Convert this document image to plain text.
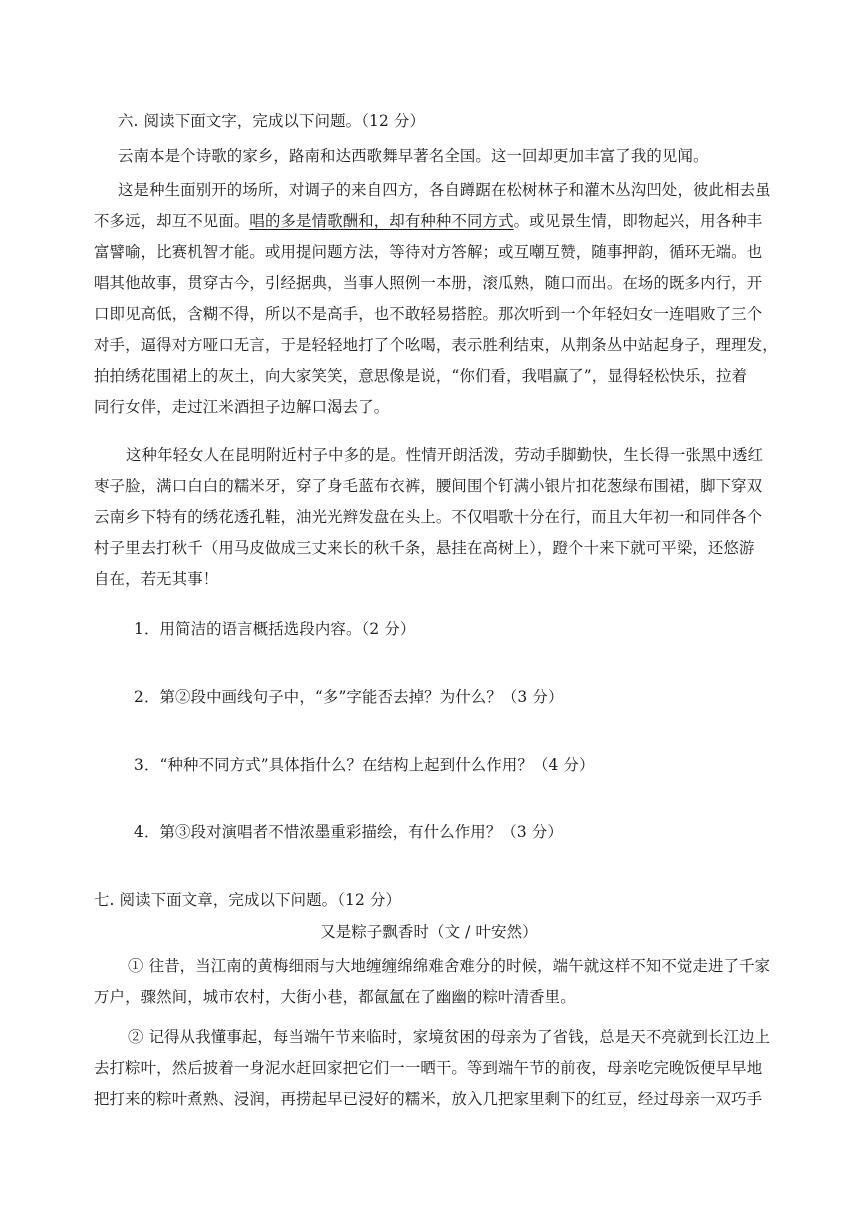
六. 阅读下面文字，完成以下问题。（12 分）
云南本是个诗歌的家乡，路南和达西歌舞早著名全国。这一回却更加丰富了我的见闻。
这是种生面别开的场所，对调子的来自四方，各自蹲踞在松树林子和灌木丛沟凹处，彼此相去虽
不多远，却互不见面。唱的多是情歌酬和，却有种种不同方式。或见景生情，即物起兴，用各种丰
富譬喻，比赛机智才能。或用提问题方法，等待对方答解；或互嘲互赞，随事押韵，循环无端。也
唱其他故事，贯穿古今，引经据典，当事人照例一本册，滚瓜熟，随口而出。在场的既多内行，开
口即见高低，含糊不得，所以不是高手，也不敢轻易搭腔。那次听到一个年轻妇女一连唱败了三个
对手，逼得对方哑口无言，于是轻轻地打了个吆喝，表示胜利结束，从荆条丛中站起身子，理理发，
拍拍绣花围裙上的灰土，向大家笑笑，意思像是说，“你们看，我唱赢了”，显得轻松快乐，拉着
同行女伴，走过江米酒担子边解口渴去了。
这种年轻女人在昆明附近村子中多的是。性情开朗活泼，劳动手脚勤快，生长得一张黑中透红
枣子脸，满口白白的糯米牙，穿了身毛蓝布衣裤，腰间围个钉满小银片扣花葱绿布围裙，脚下穿双
云南乡下特有的绣花透孔鞋，油光光辫发盘在头上。不仅唱歌十分在行，而且大年初一和同伴各个
村子里去打秋千（用马皮做成三丈来长的秋千条，悬挂在高树上），蹬个十来下就可平梁，还悠游
自在，若无其事！
1．用简洁的语言概括选段内容。（2 分）
2．第②段中画线句子中，“多”字能否去掉？为什么？（3 分）
3．“种种不同方式”具体指什么？在结构上起到什么作用？（4 分）
4．第③段对演唱者不惜浓墨重彩描绘，有什么作用？（3 分）
七. 阅读下面文章，完成以下问题。（12 分）
又是粽子飘香时（文 / 叶安然）
① 往昔，当江南的黄梅细雨与大地缠缠绵绵难舍难分的时候，端午就这样不知不觉走进了千家
万户，骤然间，城市农村，大街小巷，都氤氲在了幽幽的粽叶清香里。
② 记得从我懂事起，每当端午节来临时，家境贫困的母亲为了省钱，总是天不亮就到长江边上
去打粽叶，然后披着一身泥水赶回家把它们一一晒干。等到端午节的前夜，母亲吃完晚饭便早早地
把打来的粽叶煮熟、浸润，再捞起早已浸好的糯米，放入几把家里剩下的红豆，经过母亲一双巧手
